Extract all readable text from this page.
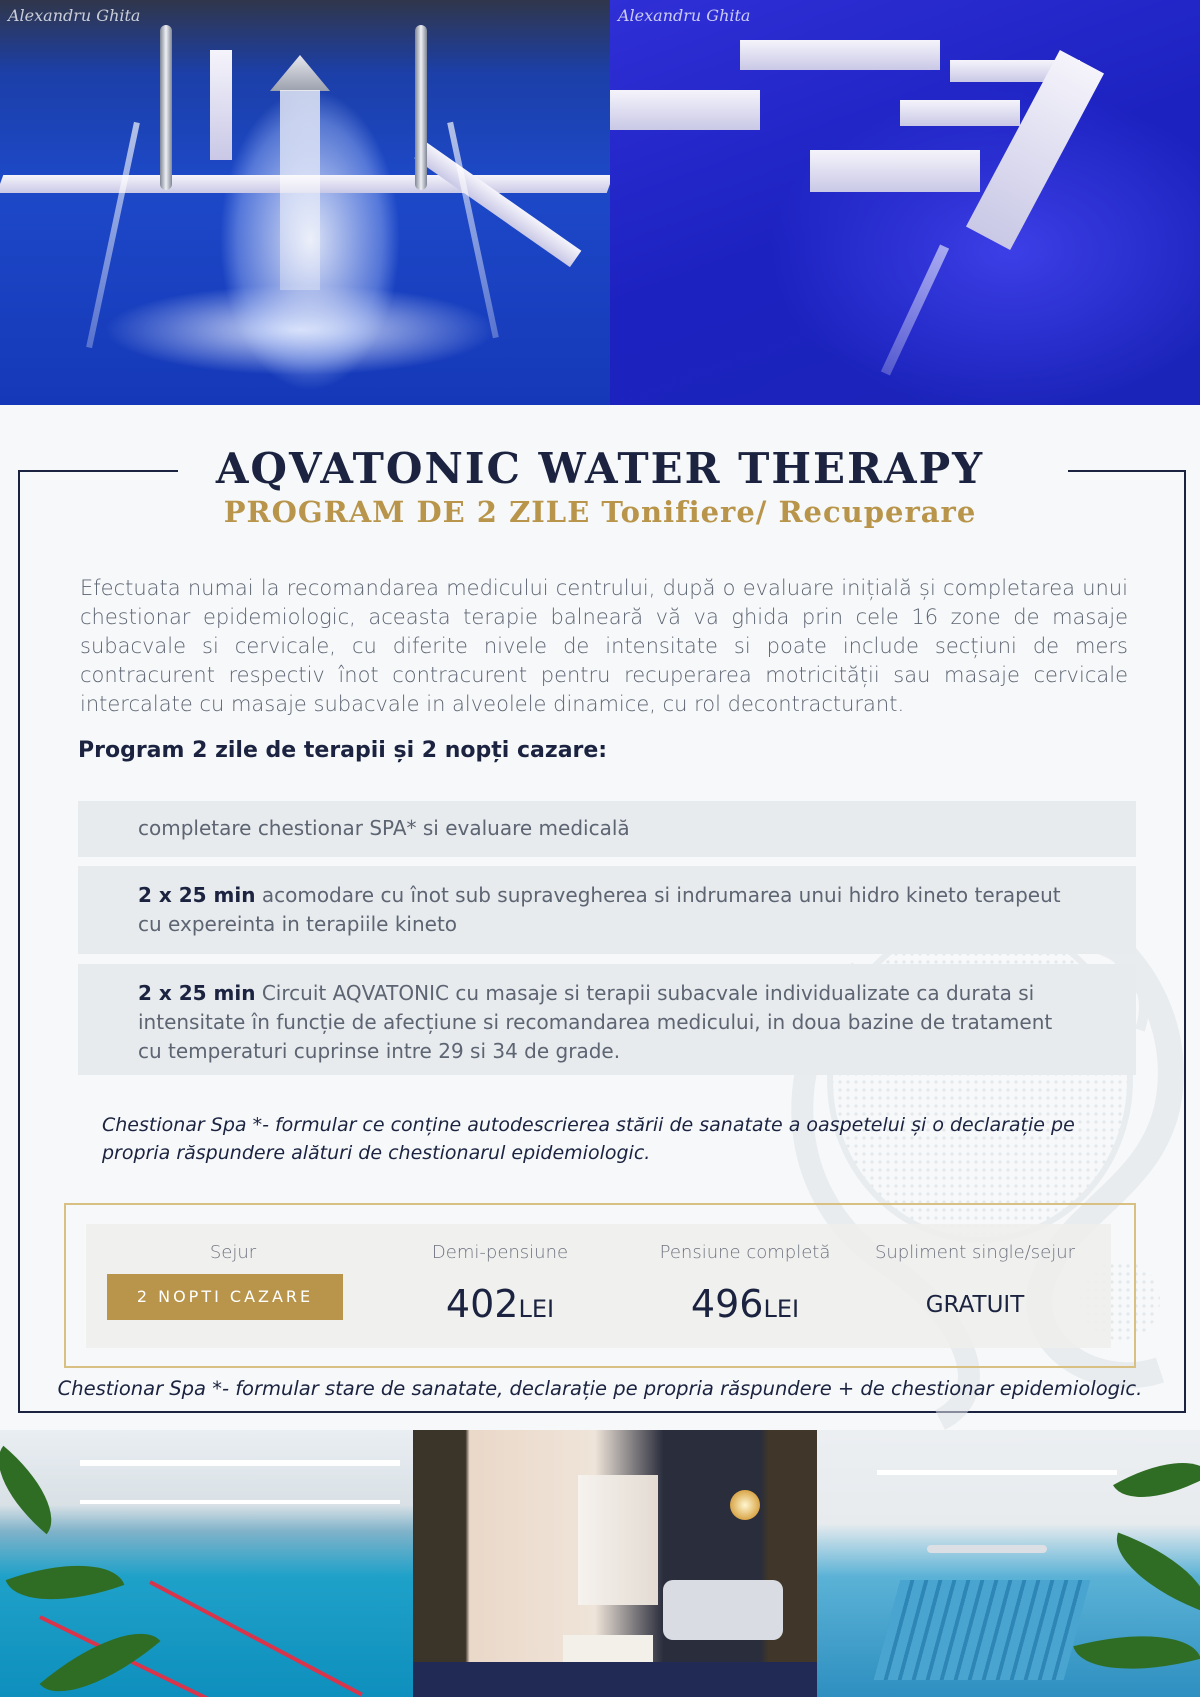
Alexandru Ghita	Alexandru Ghita
AQVATONIC WATER THERAPY
PROGRAM DE 2 ZILE Tonifiere/ Recuperare

Efectuata numai la recomandarea medicului centrului, după o evaluare inițială și completarea unui chestionar epidemiologic, aceasta terapie balneară vă va ghida prin cele 16 zone de masaje subacvale si cervicale, cu diferite nivele de intensitate si poate include secțiuni de mers contracurent respectiv înot contracurent pentru recuperarea motricității sau masaje cervicale intercalate cu masaje subacvale in alveolele dinamice, cu rol decontracturant.

Program 2 zile de terapii și 2 nopți cazare:
completare chestionar SPA* si evaluare medicală
2 x 25 min acomodare cu înot sub supravegherea si indrumarea unui hidro kineto terapeut cu expereinta in terapiile kineto
2 x 25 min Circuit AQVATONIC cu masaje si terapii subacvale individualizate ca durata si intensitate în funcție de afecțiune si recomandarea medicului, in doua bazine de tratament cu temperaturi cuprinse intre 29 si 34 de grade.

Chestionar Spa *- formular ce conține autodescrierea stării de sanatate a oaspetelui și o declarație pe propria răspundere alături de chestionarul epidemiologic.

Sejur	Demi-pensiune	Pensiune completă	Supliment single/sejur
2 NOPTI CAZARE	402LEI	496LEI	GRATUIT

Chestionar Spa *- formular stare de sanatate, declarație pe propria răspundere + de chestionar epidemiologic.
